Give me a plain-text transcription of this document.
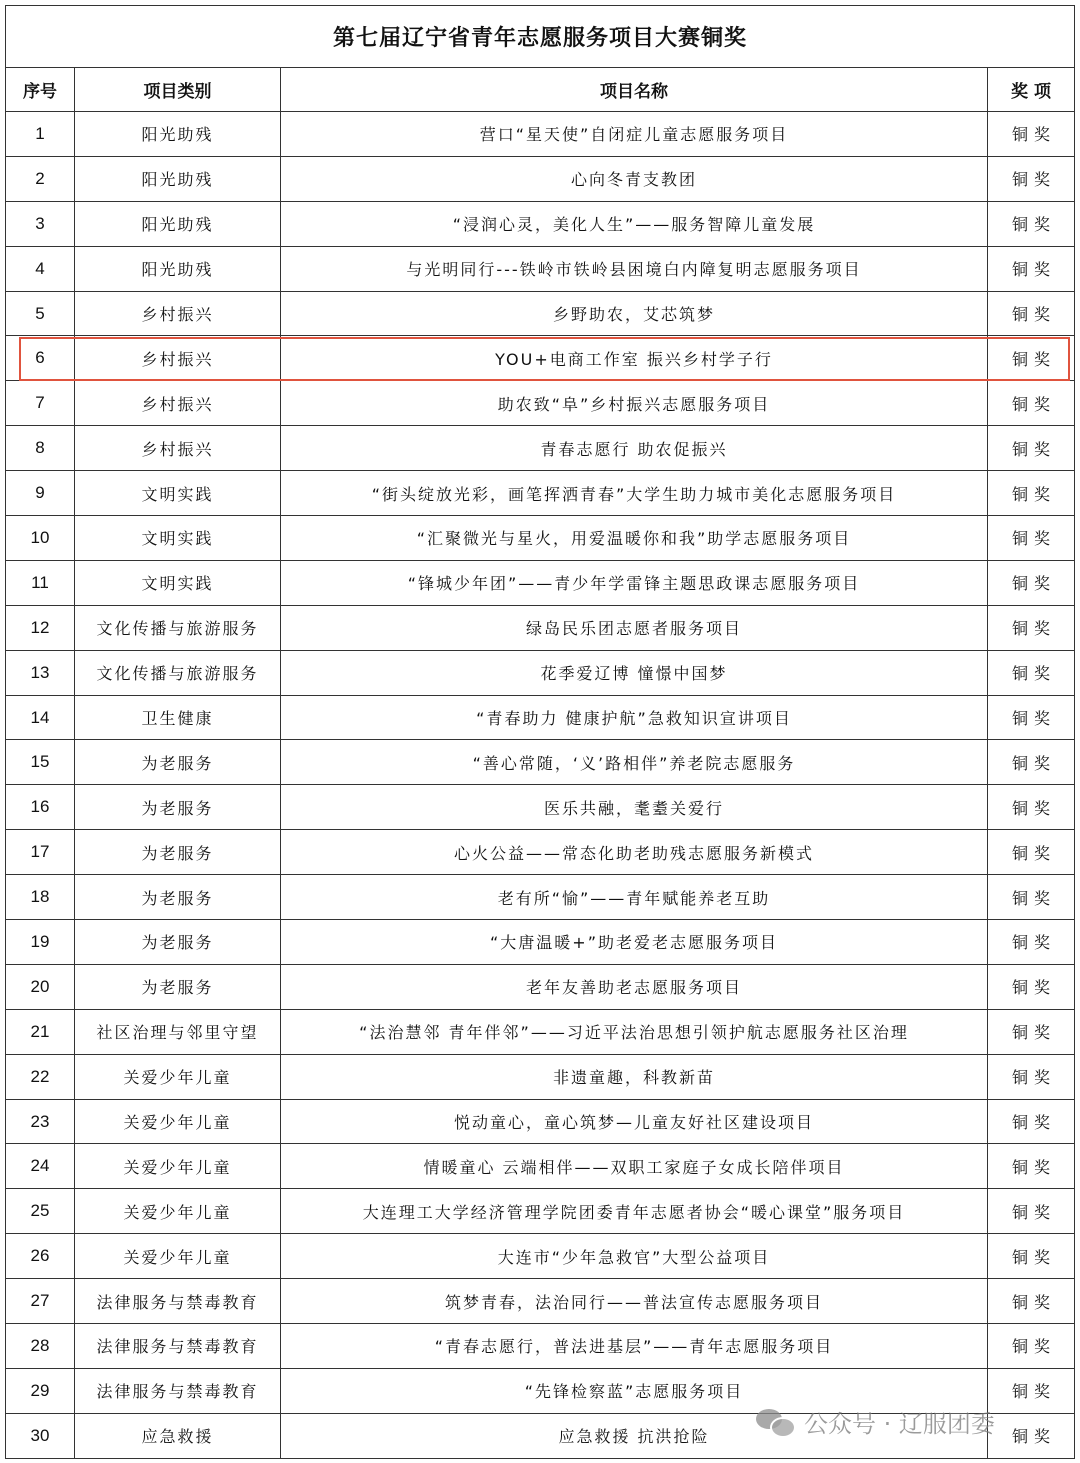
第七届辽宁省青年志愿服务项目大赛铜奖			
序号	项目类别	项目名称	奖项
1	阳光助残	营口“星天使”自闭症儿童志愿服务项目	铜奖
2	阳光助残	心向冬青支教团	铜奖
3	阳光助残	“浸润心灵，美化人生”——服务智障儿童发展	铜奖
4	阳光助残	与光明同行---铁岭市铁岭县困境白内障复明志愿服务项目	铜奖
5	乡村振兴	乡野助农，艾芯筑梦	铜奖
6	乡村振兴	YOU+电商工作室 振兴乡村学子行	铜奖
7	乡村振兴	助农致“阜”乡村振兴志愿服务项目	铜奖
8	乡村振兴	青春志愿行 助农促振兴	铜奖
9	文明实践	“街头绽放光彩，画笔挥洒青春”大学生助力城市美化志愿服务项目	铜奖
10	文明实践	“汇聚微光与星火，用爱温暖你和我”助学志愿服务项目	铜奖
11	文明实践	“锋城少年团”——青少年学雷锋主题思政课志愿服务项目	铜奖
12	文化传播与旅游服务	绿岛民乐团志愿者服务项目	铜奖
13	文化传播与旅游服务	花季爱辽博 憧憬中国梦	铜奖
14	卫生健康	“青春助力 健康护航”急救知识宣讲项目	铜奖
15	为老服务	“善心常随，‘义’路相伴”养老院志愿服务	铜奖
16	为老服务	医乐共融，耄耋关爱行	铜奖
17	为老服务	心火公益——常态化助老助残志愿服务新模式	铜奖
18	为老服务	老有所“愉”——青年赋能养老互助	铜奖
19	为老服务	“大唐温暖+”助老爱老志愿服务项目	铜奖
20	为老服务	老年友善助老志愿服务项目	铜奖
21	社区治理与邻里守望	“法治慧邻 青年伴邻”——习近平法治思想引领护航志愿服务社区治理	铜奖
22	关爱少年儿童	非遗童趣，科教新苗	铜奖
23	关爱少年儿童	悦动童心，童心筑梦—儿童友好社区建设项目	铜奖
24	关爱少年儿童	情暖童心 云端相伴——双职工家庭子女成长陪伴项目	铜奖
25	关爱少年儿童	大连理工大学经济管理学院团委青年志愿者协会“暖心课堂”服务项目	铜奖
26	关爱少年儿童	大连市“少年急救官”大型公益项目	铜奖
27	法律服务与禁毒教育	筑梦青春，法治同行——普法宣传志愿服务项目	铜奖
28	法律服务与禁毒教育	“青春志愿行，普法进基层”——青年志愿服务项目	铜奖
29	法律服务与禁毒教育	“先锋检察蓝”志愿服务项目	铜奖
30	应急救援	应急救援 抗洪抢险	铜奖
公众号 · 辽服团委
